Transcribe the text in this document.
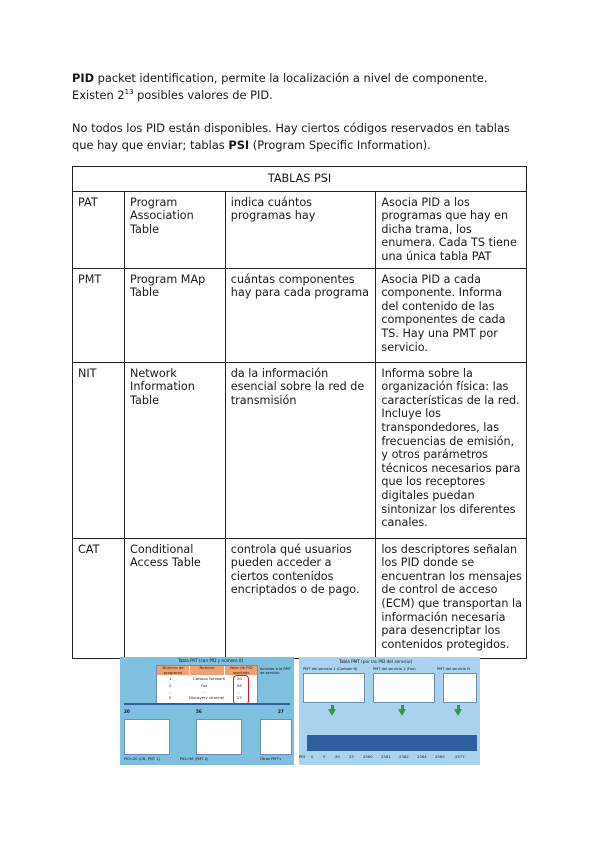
PID packet identification, permite la localización a nivel de componente. Existen $2^{13}$ posibles valores de PID.

No todos los PID están disponibles. Hay ciertos códigos reservados en tablas que hay que enviar; tablas PSI (Program Specific Information).

TABLAS PSI			
PAT	Program Association Table	indica cuántos programas hay	Asocia PID a los programas que hay en dicha trama, los enumera. Cada TS tiene una única tabla PAT
PMT	Program MAp Table	cuántas componentes hay para cada programa	Asocia PID a cada componente. Informa del contenido de las componentes de cada TS. Hay una PMT por servicio.
NIT	Network Information Table	da la información esencial sobre la red de transmisión	Informa sobre la organización física: las características de la red. Incluye los transpondedores, las frecuencias de emisión, y otros parámetros técnicos necesarios para que los receptores digitales puedan sintonizar los diferentes canales.
CAT	Conditional Access Table	controla qué usuarios pueden acceder a ciertos contenidos encriptados o de pago.	los descriptores señalan los PID donde se encuentran los mensajes de control de acceso (ECM) que transportan la información necesaria para desencriptar los contenidos protegidos.
Tabla PAT (con PID y número 0)
Número de programa
Nombre	Valor de PID asociado
1	Cartoon Network	20
2	Fox	56
...	...	...
5	Discovery channel	27
Acceder a la PMT de servicio
20	56	27
PID=20 (CN, PMT 1)	PID=56 (PMT 2)	Otras PMT's
Tabla PMT (por las PID del servicio)
PMT del servicio 1 (Cartoon N)	PMT del servicio 2 (Fox)	PMT del servicio N
PID 0	5	20 25 2560 2561 2562 2564 2565	2577
